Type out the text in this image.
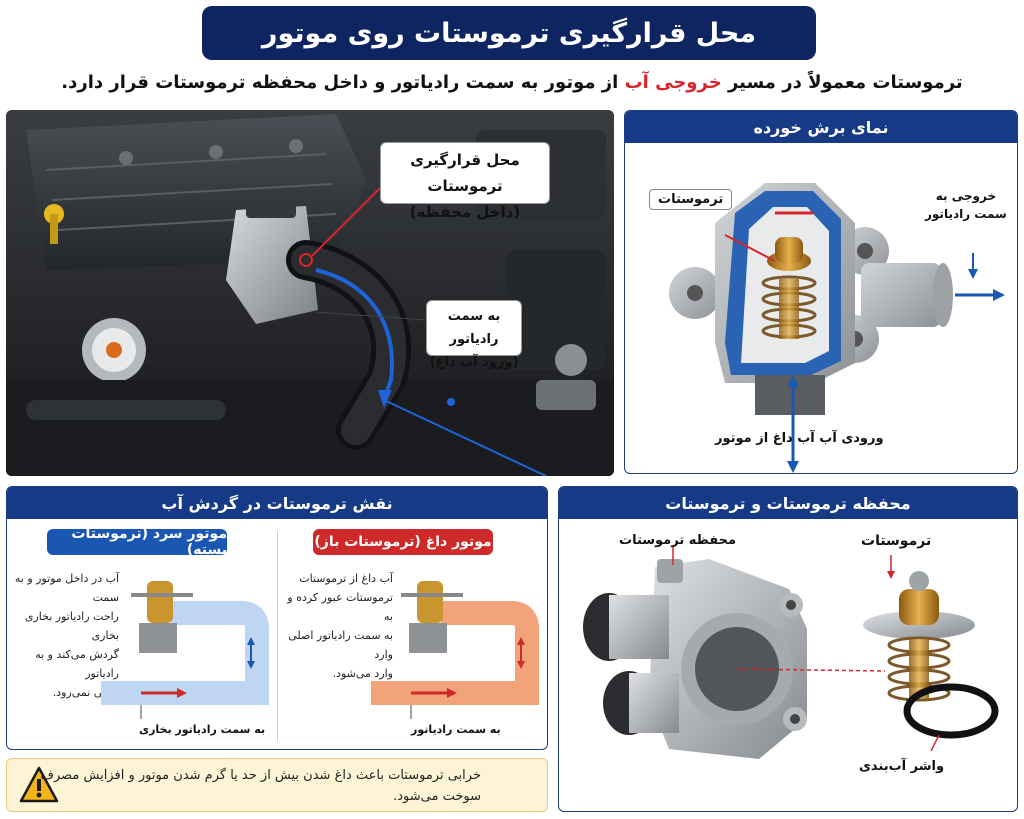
محل قرارگیری ترموستات روی موتور
ترموستات معمولاً در مسیر خروجی آب از موتور به سمت رادیاتور و داخل محفظه ترموستات قرار دارد.
محل قرارگیری ترموستات
(داخل محفظه)
به سمت رادیاتور
(ورود آب داغ)
نمای برش خورده
ترموستات	خروجی به
سمت رادیاتور
ورودی آب آب داغ از موتور
نقش ترموستات در گردش آب
موتور سرد (ترموستات بسته)
آب در داخل موتور و به سمت
راحت رادیاتور بخاری بخاری
گردش می‌کند و به رادیاتور
اصلی نمی‌رود.
به سمت رادیاتور بخاری
موتور داغ (ترموستات باز)
آب داغ از ترموستات
ترموستات عبور کرده و به
به سمت رادیاتور اصلی وارد
وارد می‌شود.
به سمت رادیاتور
خرابی ترموستات باعث داغ شدن بیش از حد یا گرم شدن موتور و افزایش مصرف
سوخت می‌شود.
محفظه ترموستات و ترموستات
محفظه ترموستات	ترموستات
واشر آب‌بندی
